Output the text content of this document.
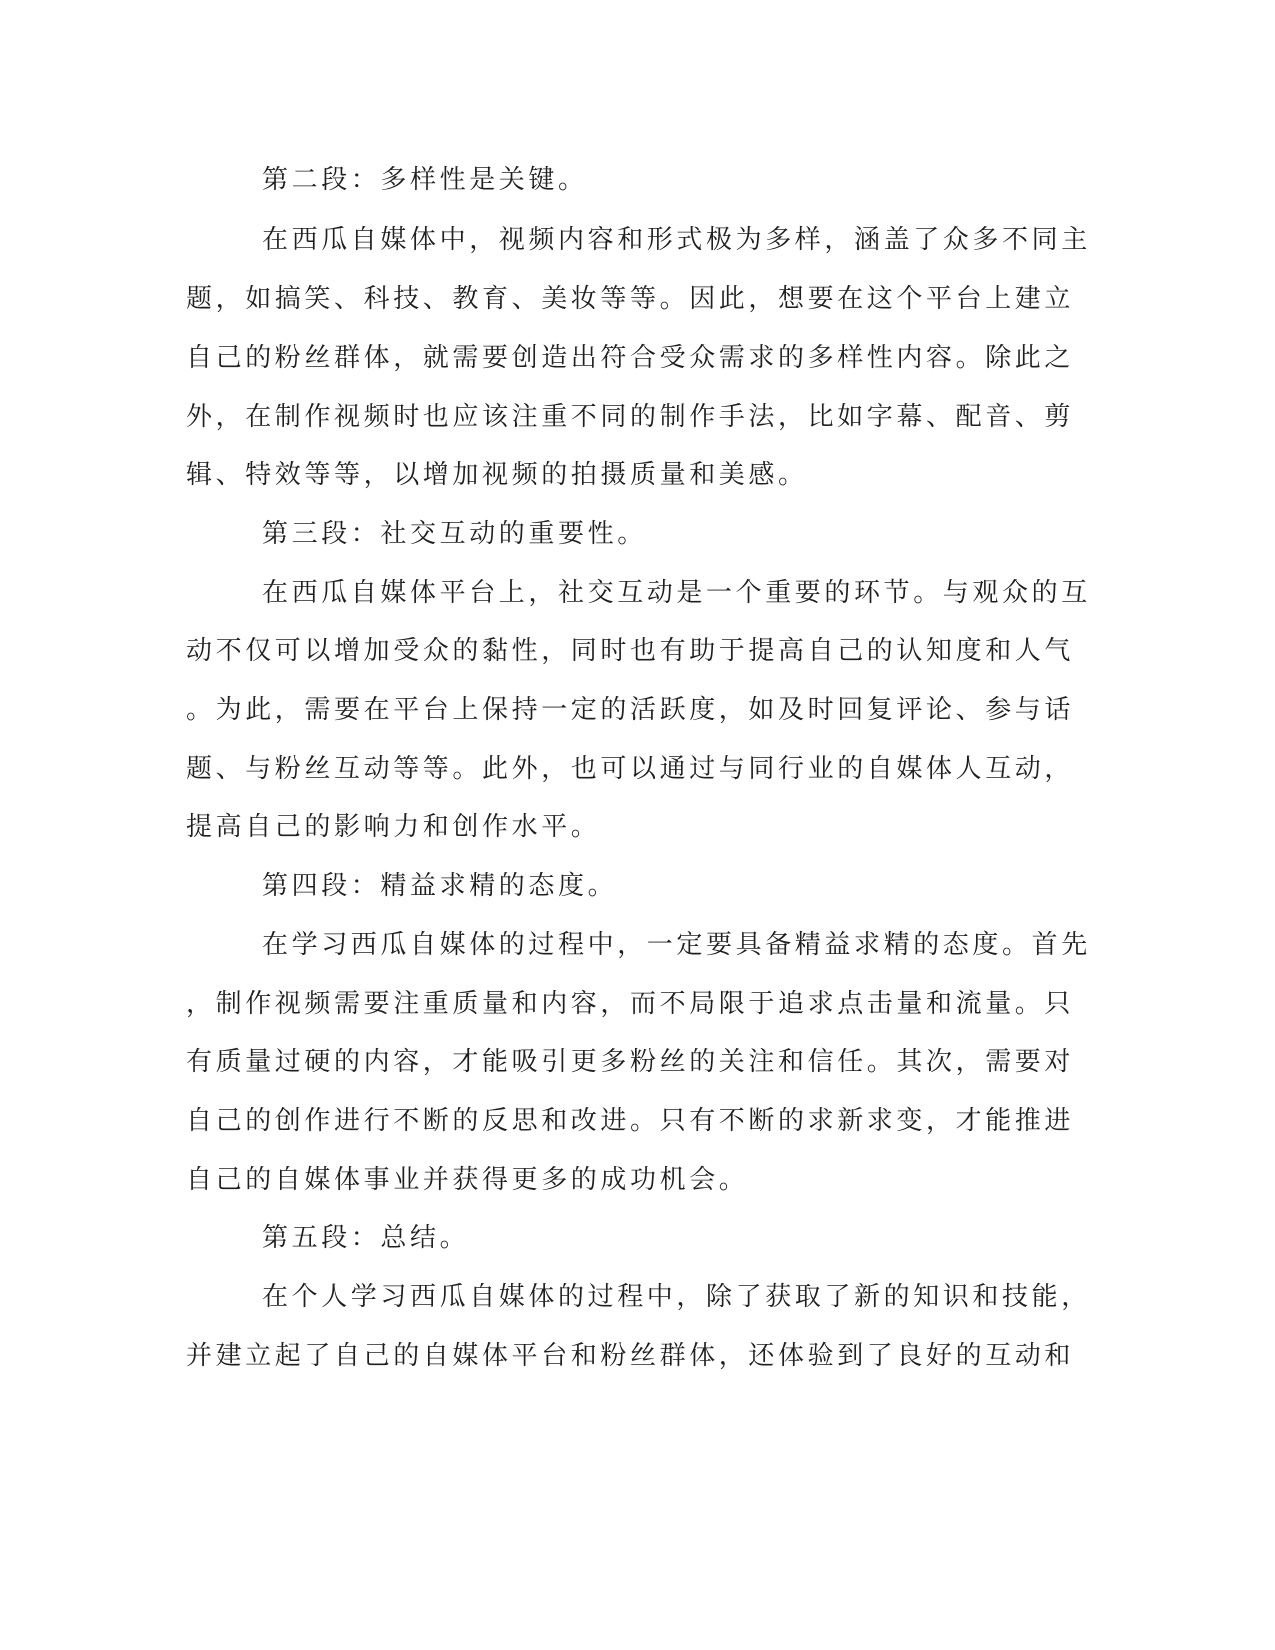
第二段：多样性是关键。
在西瓜自媒体中，视频内容和形式极为多样，涵盖了众多不同主
题，如搞笑、科技、教育、美妆等等。因此，想要在这个平台上建立
自己的粉丝群体，就需要创造出符合受众需求的多样性内容。除此之
外，在制作视频时也应该注重不同的制作手法，比如字幕、配音、剪
辑、特效等等，以增加视频的拍摄质量和美感。
第三段：社交互动的重要性。
在西瓜自媒体平台上，社交互动是一个重要的环节。与观众的互
动不仅可以增加受众的黏性，同时也有助于提高自己的认知度和人气
。为此，需要在平台上保持一定的活跃度，如及时回复评论、参与话
题、与粉丝互动等等。此外，也可以通过与同行业的自媒体人互动，
提高自己的影响力和创作水平。
第四段：精益求精的态度。
在学习西瓜自媒体的过程中，一定要具备精益求精的态度。首先
，制作视频需要注重质量和内容，而不局限于追求点击量和流量。只
有质量过硬的内容，才能吸引更多粉丝的关注和信任。其次，需要对
自己的创作进行不断的反思和改进。只有不断的求新求变，才能推进
自己的自媒体事业并获得更多的成功机会。
第五段：总结。
在个人学习西瓜自媒体的过程中，除了获取了新的知识和技能，
并建立起了自己的自媒体平台和粉丝群体，还体验到了良好的互动和
